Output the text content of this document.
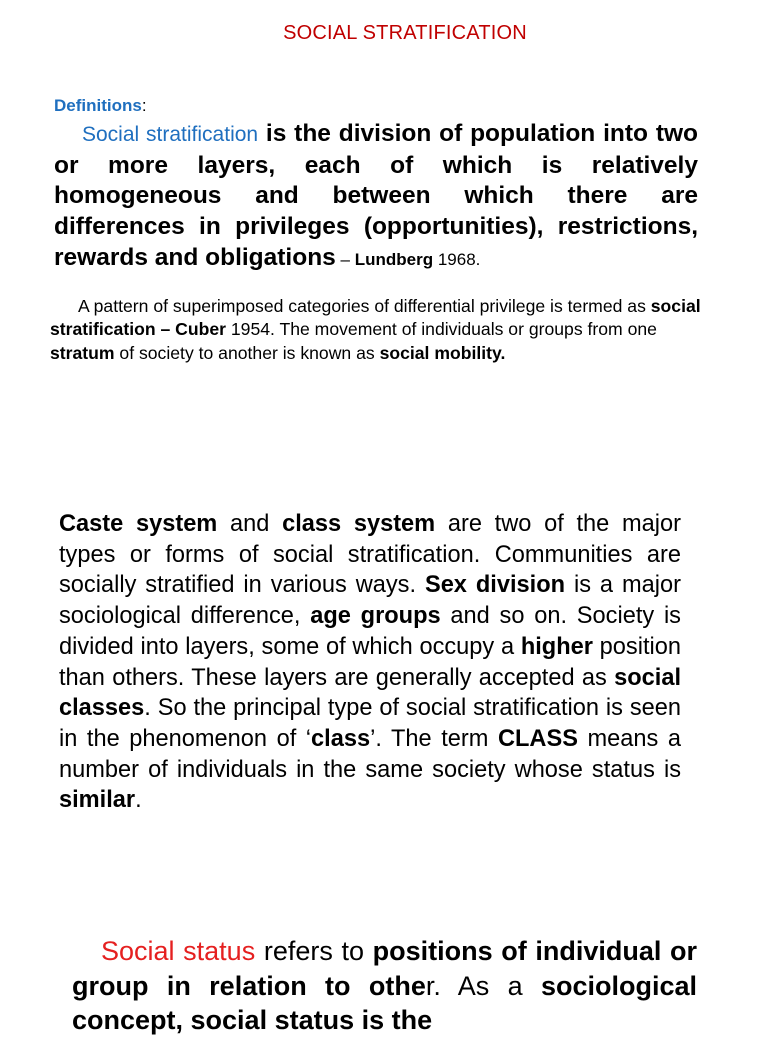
SOCIAL STRATIFICATION
Definitions:
Social stratification is the division of population into two or more layers, each of which is relatively homogeneous and between which there are differences in privileges (opportunities), restrictions, rewards and obligations – Lundberg 1968.
A pattern of superimposed categories of differential privilege is termed as social stratification – Cuber 1954. The movement of individuals or groups from one stratum of society to another is known as social mobility.
Caste system and class system are two of the major types or forms of social stratification. Communities are socially stratified in various ways. Sex division is a major sociological difference, age groups and so on. Society is divided into layers, some of which occupy a higher position than others. These layers are generally accepted as social classes. So the principal type of social stratification is seen in the phenomenon of ‘class’. The term CLASS means a number of individuals in the same society whose status is similar.
Social status refers to positions of individual or group in relation to other. As a sociological concept, social status is the
